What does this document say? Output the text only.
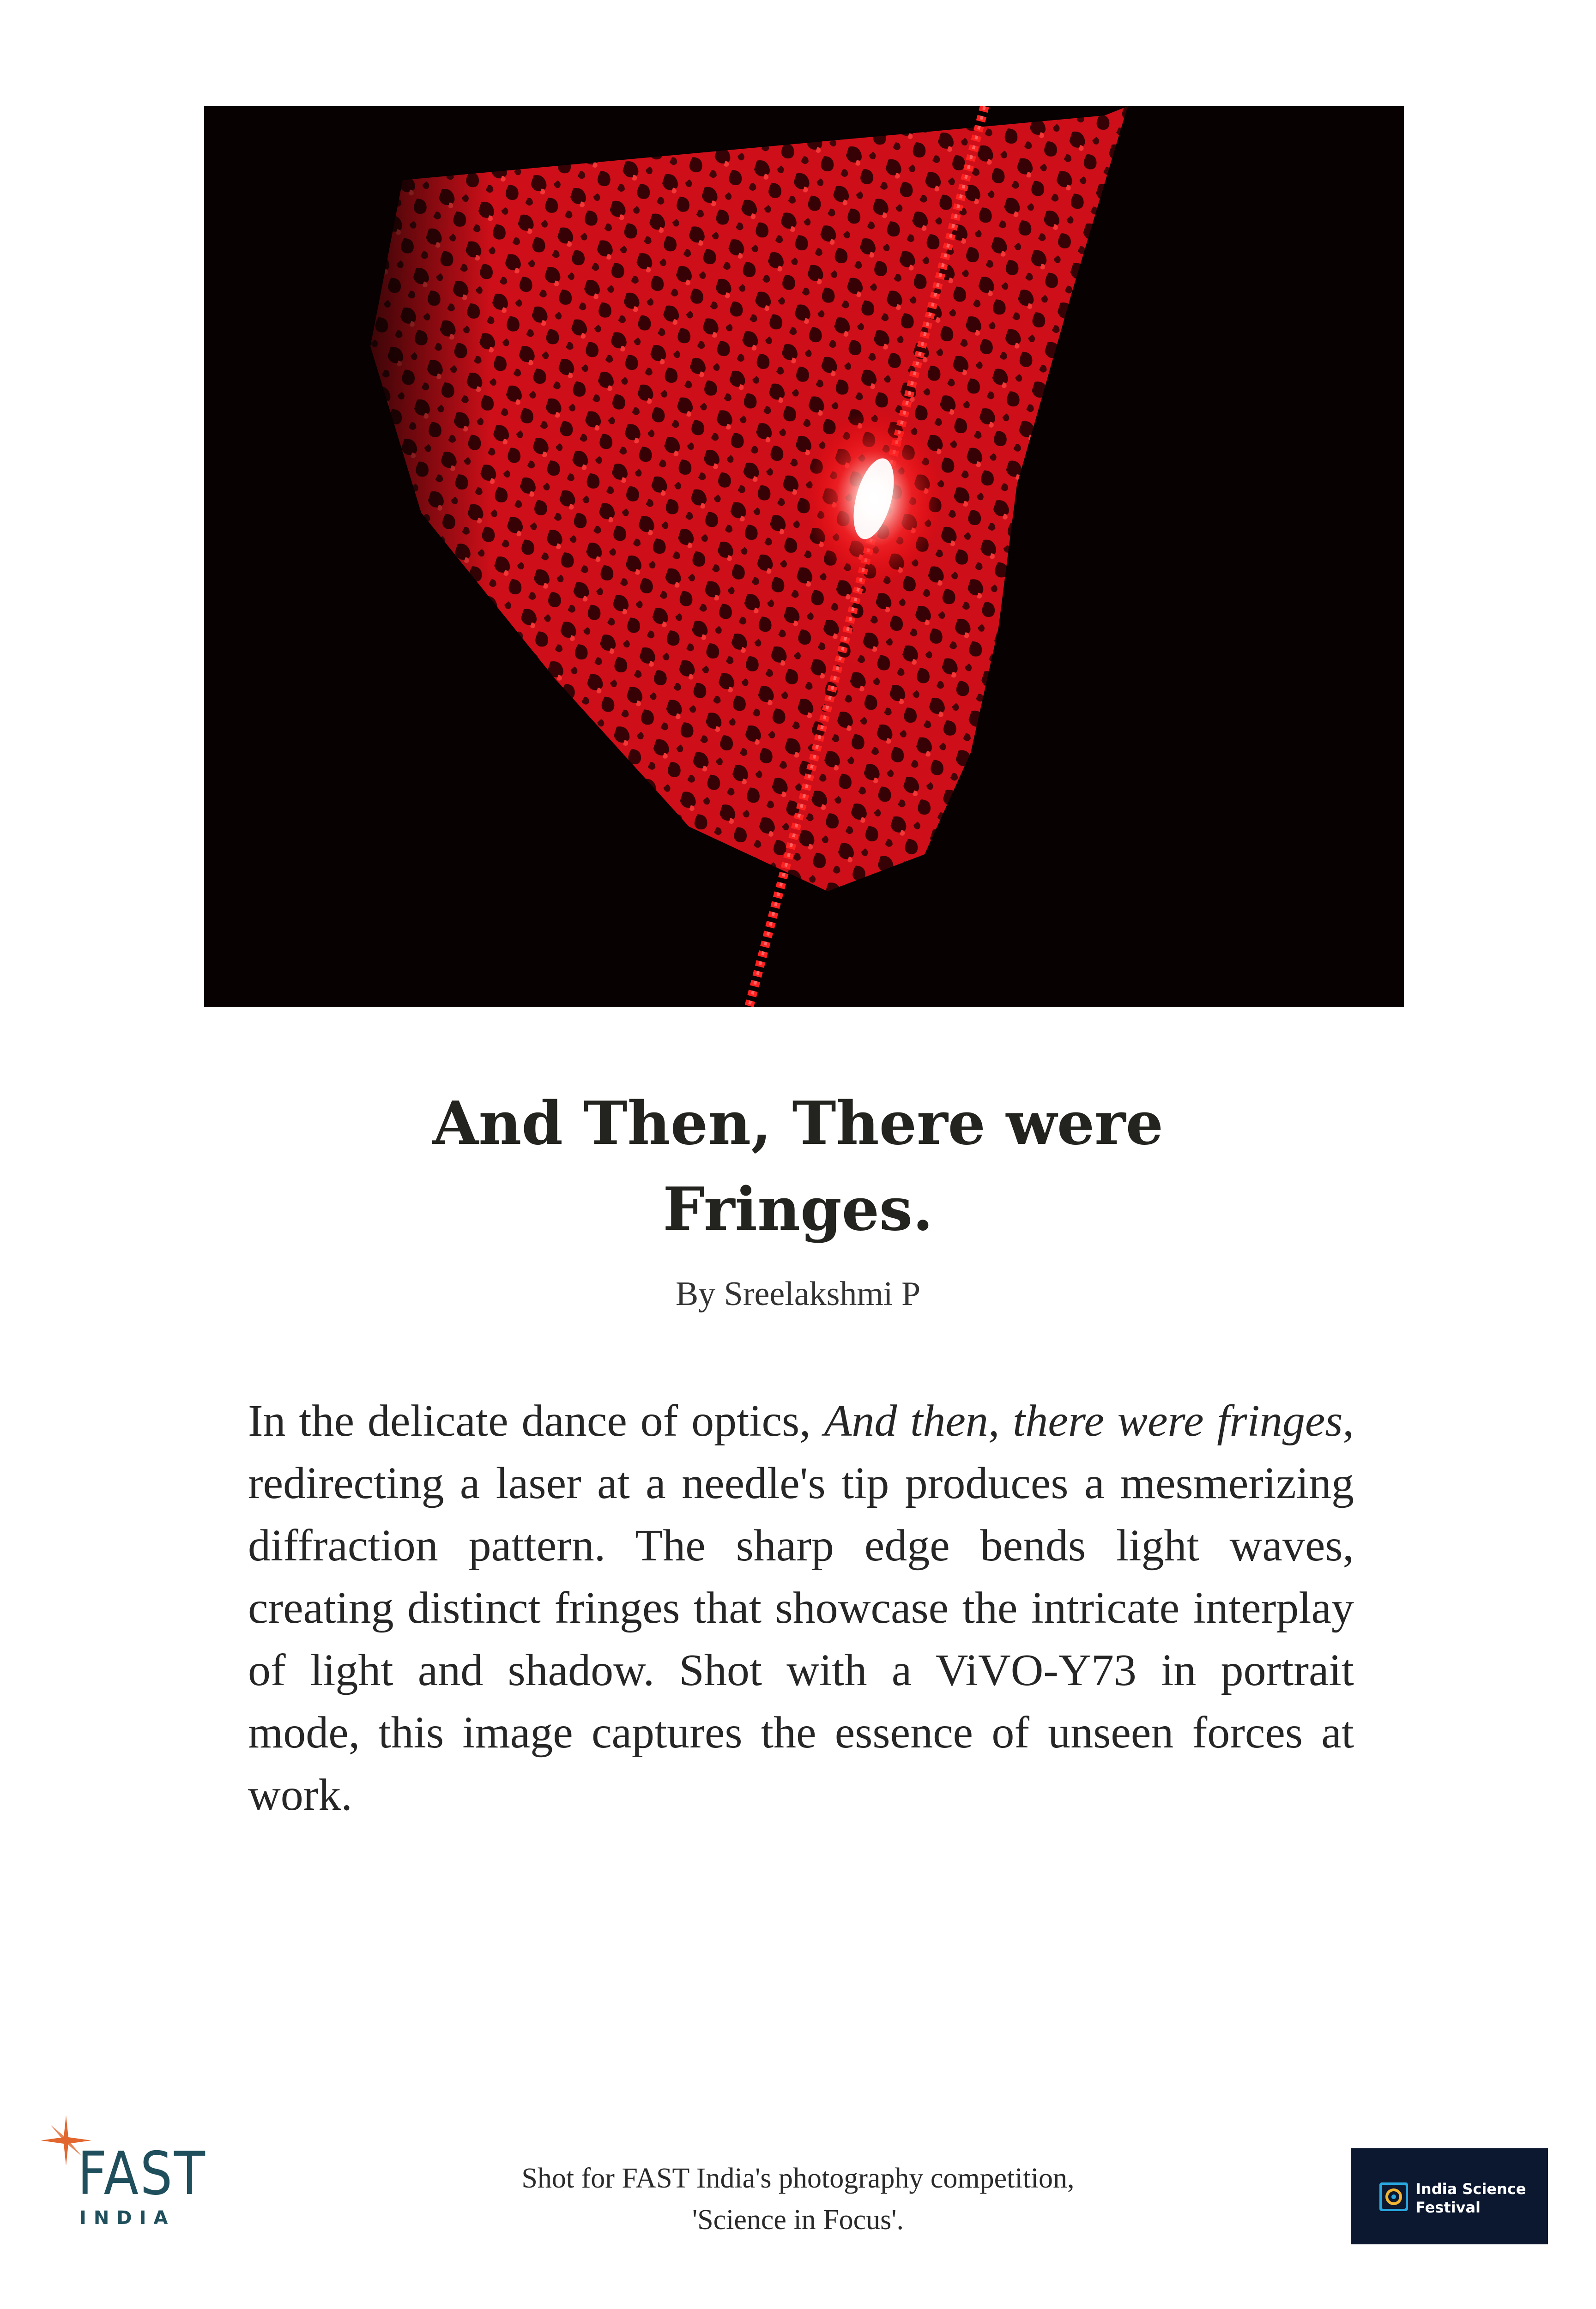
And Then, There were
Fringes.
By Sreelakshmi P
In the delicate dance of optics, And then, there were fringes, redirecting a laser at a needle's tip produces a mesmerizing diffraction pattern. The sharp edge bends light waves, creating distinct fringes that showcase the intricate interplay of light and shadow. Shot with a ViVO-Y73 in portrait mode, this image captures the essence of unseen forces at work.
FAST
INDIA
Shot for FAST India's photography competition,
'Science in Focus'.
India Science
Festival
